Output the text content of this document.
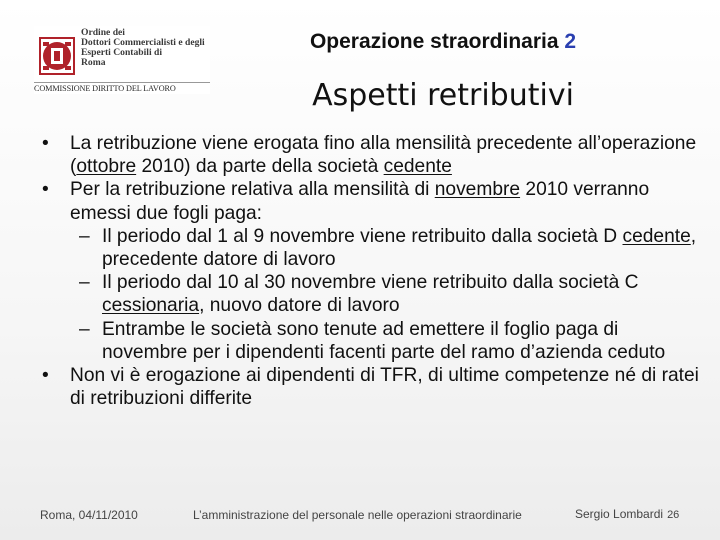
Ordine dei
Dottori Commercialisti e degli
Esperti Contabili di
Roma
COMMISSIONE DIRITTO DEL LAVORO
Operazione straordinaria 2
Aspetti retributivi
• La retribuzione viene erogata fino alla mensilità precedente all’operazione (ottobre 2010) da parte della società cedente
• Per la retribuzione relativa alla mensilità di novembre 2010 verranno emessi due fogli paga:
– Il periodo dal 1 al 9 novembre viene retribuito dalla società D cedente, precedente datore di lavoro
– Il periodo dal 10 al 30 novembre viene retribuito dalla società C cessionaria, nuovo datore di lavoro
– Entrambe le società sono tenute ad emettere il foglio paga di novembre per i dipendenti facenti parte del ramo d’azienda ceduto
• Non vi è erogazione ai dipendenti di TFR, di ultime competenze né di ratei di retribuzioni differite
Roma, 04/11/2010	L’amministrazione del personale nelle operazioni straordinarie	Sergio Lombardi 26
